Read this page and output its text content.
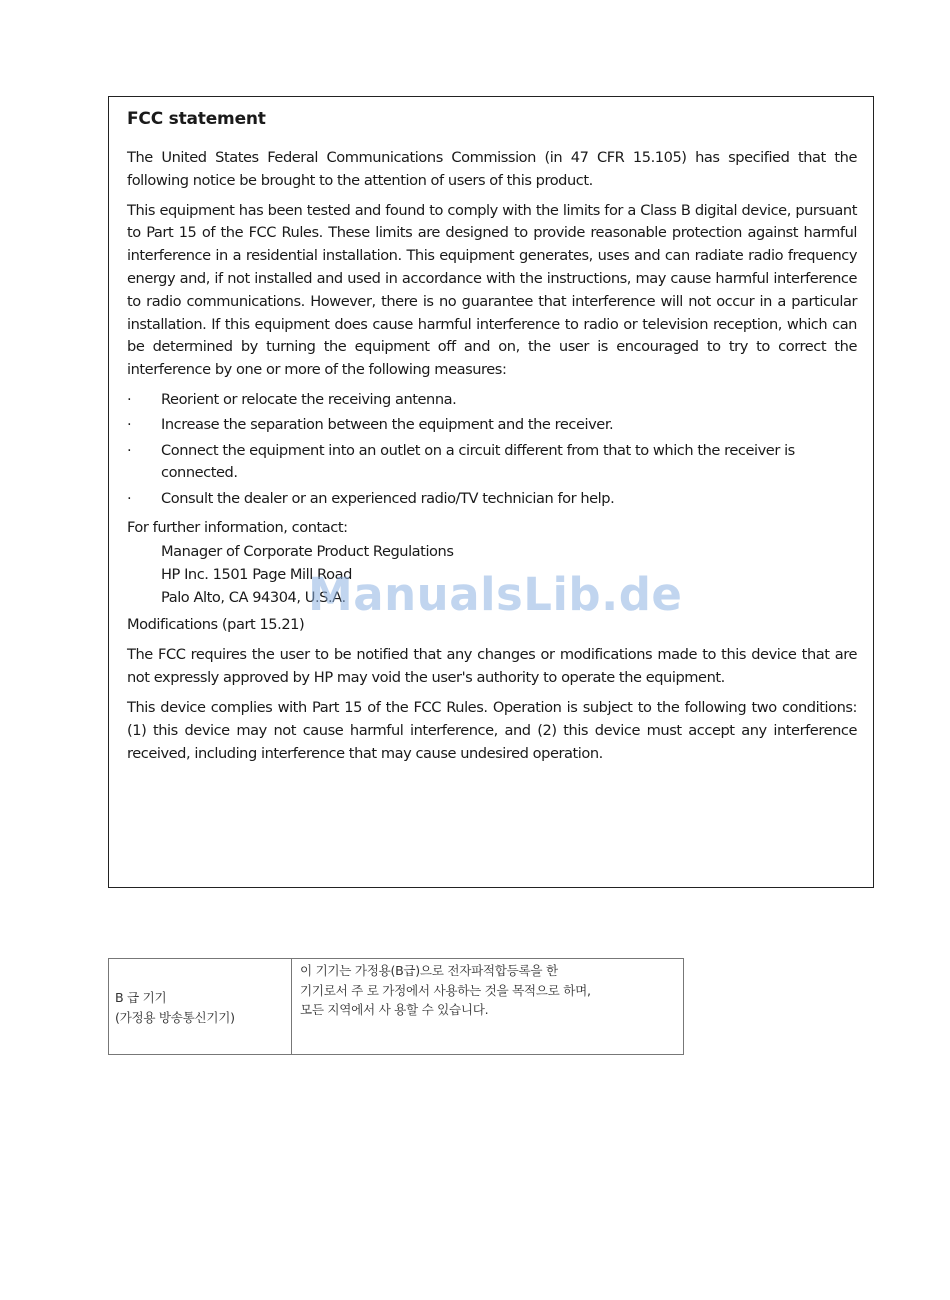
FCC statement

The United States Federal Communications Commission (in 47 CFR 15.105) has specified that the following notice be brought to the attention of users of this product.

This equipment has been tested and found to comply with the limits for a Class B digital device, pursuant to Part 15 of the FCC Rules. These limits are designed to provide reasonable protection against harmful interference in a residential installation. This equipment generates, uses and can radiate radio frequency energy and, if not installed and used in accordance with the instructions, may cause harmful interference to radio communications. However, there is no guarantee that interference will not occur in a particular installation. If this equipment does cause harmful interference to radio or television reception, which can be determined by turning the equipment off and on, the user is encouraged to try to correct the interference by one or more of the following measures:

·	Reorient or relocate the receiving antenna.
·	Increase the separation between the equipment and the receiver.
·	Connect the equipment into an outlet on a circuit different from that to which the receiver is connected.
·	Consult the dealer or an experienced radio/TV technician for help.
For further information, contact:
Manager of Corporate Product Regulations
HP Inc. 1501 Page Mill Road
Palo Alto, CA 94304, U.S.A.
Modifications (part 15.21)

The FCC requires the user to be notified that any changes or modifications made to this device that are not expressly approved by HP may void the user's authority to operate the equipment.

This device complies with Part 15 of the FCC Rules. Operation is subject to the following two conditions: (1) this device may not cause harmful interference, and (2) this device must accept any interference received, including interference that may cause undesired operation.

ManualsLib.de
B 급 기기
(가정용 방송통신기기)

이 기기는 가정용(B급)으로 전자파적합등록을 한
기기로서 주 로 가정에서 사용하는 것을 목적으로 하며,
모든 지역에서 사 용할 수 있습니다.
